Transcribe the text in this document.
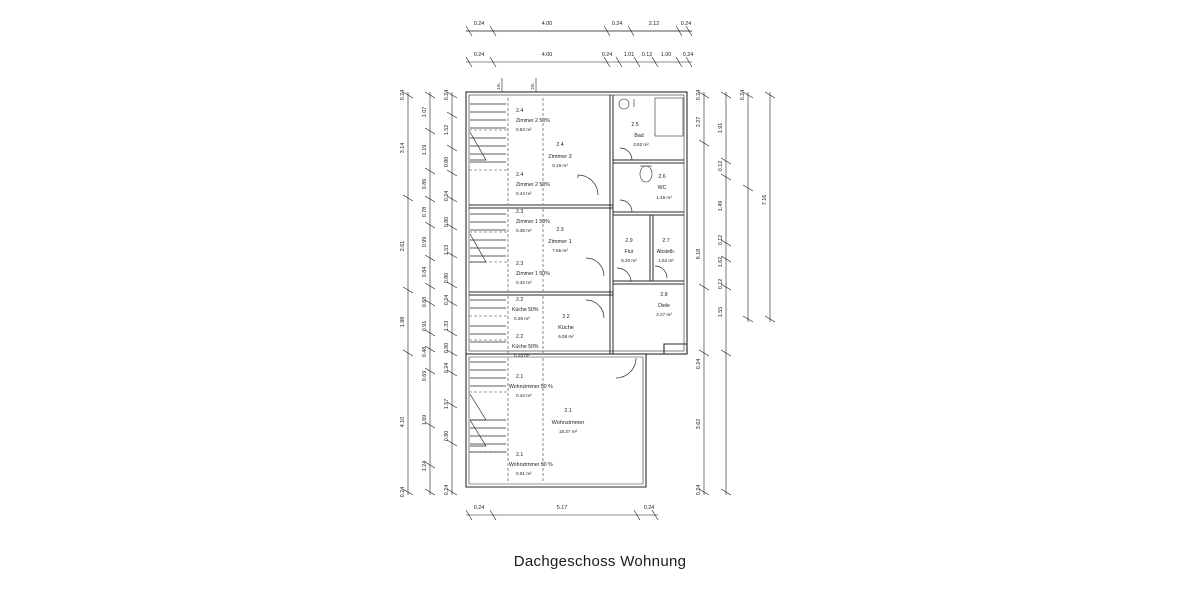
0.24	4.00	0.24	2.12	0.24
0.24	4.00	0.24 1.01 0.12 1.00 0.24
1m.	2m.
0.24	5.17	0.24
0.24
3.14
2.61
1.98
4.10
0.24
1.07
1.19
0.86
0.78
0.99
0.84
0.68
0.91
0.48
0.69
1.69
1.24
0.24
1.52
0.80
0.24
0.80
1.53
0.80
0.24
1.33
0.80
0.24
1.57
0.80
0.24
0.24
2.27
6.18
0.24
3.62
0.24
1.91
0.12
1.49
0.12
1.62
0.12
1.55
0.24
7.16
2.4
Zimmer 2 50%
0.53 m²
2.4
Zimmer 2
9.19 m²
2.4
Zimmer 2 50%
0.44 m²
2.3
Zimmer 1 50%
0.38 m²	2.3
Zimmer 1
7.65 m²
2.3
Zimmer 1 50%
0.42 m²
2.2
Küche 50%
0.29 m²	2.2
Küche
6.08 m²
2.2
Küche 50%
0.24 m²
2.1
Wohnzimmer 50 %
0.34 m²
2.1
Wohnzimmer
15.37 m²
2.1
Wohnzimmer 50 %
0.61 m²
2.5
Bad
3.62 m²
2.6
WC
1.49 m²
2.9
Flur
6.20 m²
2.7
Abstellr.
1.62 m²
2.8
Diele
2.27 m²
Dachgeschoss Wohnung
